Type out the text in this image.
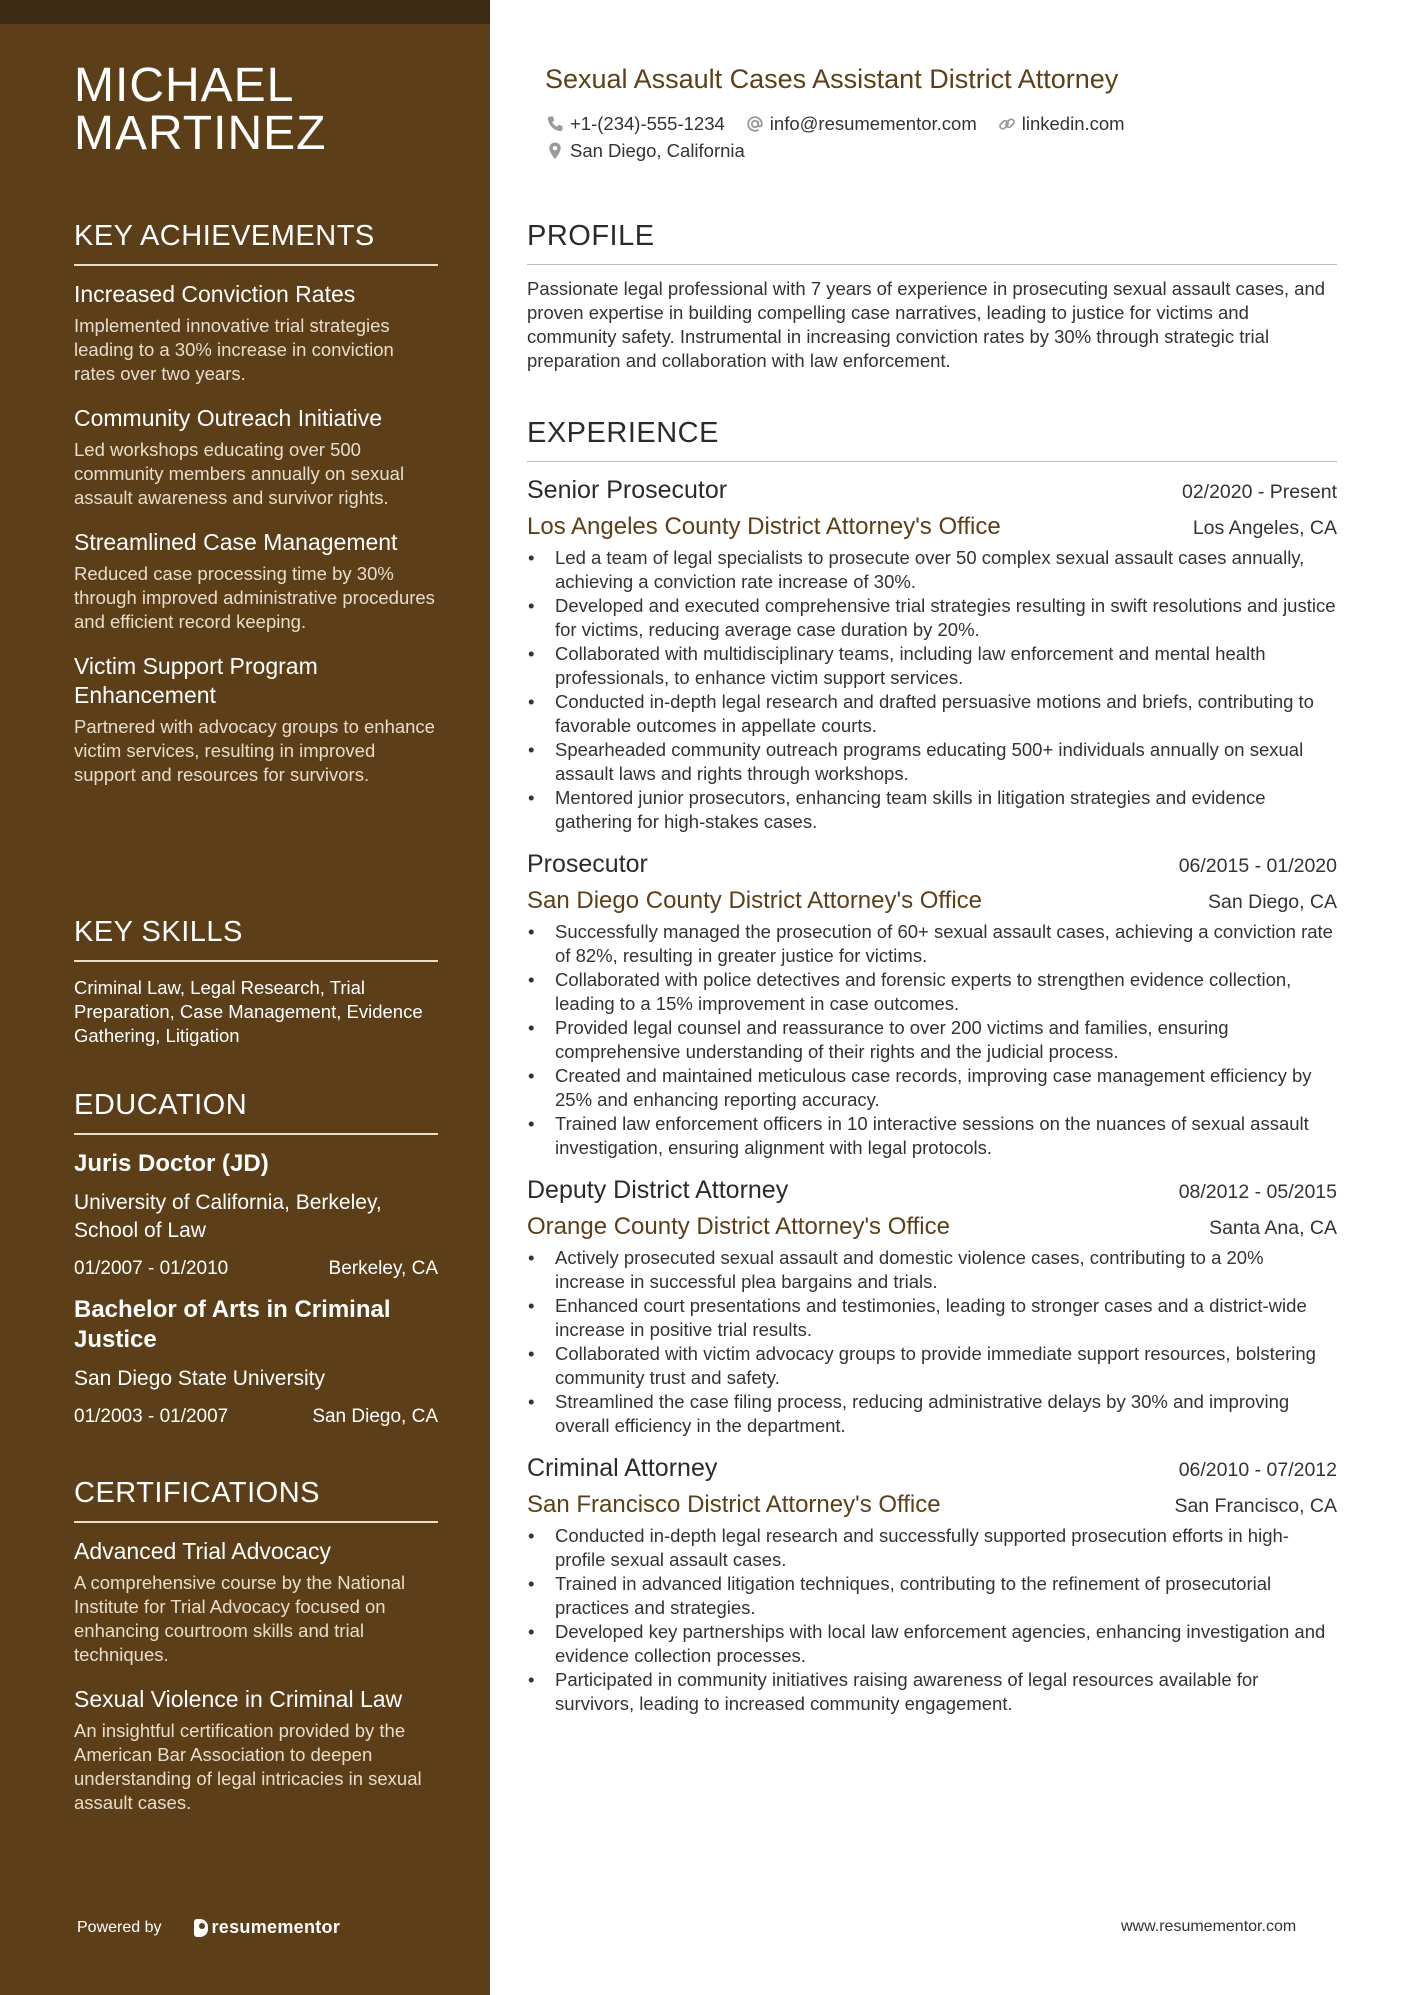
MICHAEL
MARTINEZ
KEY ACHIEVEMENTS
Increased Conviction Rates
Implemented innovative trial strategies leading to a 30% increase in conviction rates over two years.
Community Outreach Initiative
Led workshops educating over 500 community members annually on sexual assault awareness and survivor rights.
Streamlined Case Management
Reduced case processing time by 30% through improved administrative procedures and efficient record keeping.
Victim Support Program Enhancement
Partnered with advocacy groups to enhance victim services, resulting in improved support and resources for survivors.
KEY SKILLS
Criminal Law, Legal Research, Trial Preparation, Case Management, Evidence Gathering, Litigation
EDUCATION
Juris Doctor (JD)
University of California, Berkeley, School of Law
01/2007 - 01/2010	Berkeley, CA
Bachelor of Arts in Criminal Justice
San Diego State University
01/2003 - 01/2007	San Diego, CA
CERTIFICATIONS
Advanced Trial Advocacy
A comprehensive course by the National Institute for Trial Advocacy focused on enhancing courtroom skills and trial techniques.
Sexual Violence in Criminal Law
An insightful certification provided by the American Bar Association to deepen understanding of legal intricacies in sexual assault cases.
Powered by	resumementor
Sexual Assault Cases Assistant District Attorney
+1-(234)-555-1234 info@resumementor.com linkedin.com
San Diego, California
PROFILE
Passionate legal professional with 7 years of experience in prosecuting sexual assault cases, and proven expertise in building compelling case narratives, leading to justice for victims and community safety. Instrumental in increasing conviction rates by 30% through strategic trial preparation and collaboration with law enforcement.
EXPERIENCE
Senior Prosecutor	02/2020 - Present
Los Angeles County District Attorney's Office	Los Angeles, CA
• Led a team of legal specialists to prosecute over 50 complex sexual assault cases annually, achieving a conviction rate increase of 30%.
• Developed and executed comprehensive trial strategies resulting in swift resolutions and justice for victims, reducing average case duration by 20%.
• Collaborated with multidisciplinary teams, including law enforcement and mental health professionals, to enhance victim support services.
• Conducted in-depth legal research and drafted persuasive motions and briefs, contributing to favorable outcomes in appellate courts.
• Spearheaded community outreach programs educating 500+ individuals annually on sexual assault laws and rights through workshops.
• Mentored junior prosecutors, enhancing team skills in litigation strategies and evidence gathering for high-stakes cases.
Prosecutor	06/2015 - 01/2020
San Diego County District Attorney's Office	San Diego, CA
• Successfully managed the prosecution of 60+ sexual assault cases, achieving a conviction rate of 82%, resulting in greater justice for victims.
• Collaborated with police detectives and forensic experts to strengthen evidence collection, leading to a 15% improvement in case outcomes.
• Provided legal counsel and reassurance to over 200 victims and families, ensuring comprehensive understanding of their rights and the judicial process.
• Created and maintained meticulous case records, improving case management efficiency by 25% and enhancing reporting accuracy.
• Trained law enforcement officers in 10 interactive sessions on the nuances of sexual assault investigation, ensuring alignment with legal protocols.
Deputy District Attorney	08/2012 - 05/2015
Orange County District Attorney's Office	Santa Ana, CA
• Actively prosecuted sexual assault and domestic violence cases, contributing to a 20% increase in successful plea bargains and trials.
• Enhanced court presentations and testimonies, leading to stronger cases and a district-wide increase in positive trial results.
• Collaborated with victim advocacy groups to provide immediate support resources, bolstering community trust and safety.
• Streamlined the case filing process, reducing administrative delays by 30% and improving overall efficiency in the department.
Criminal Attorney	06/2010 - 07/2012
San Francisco District Attorney's Office	San Francisco, CA
• Conducted in-depth legal research and successfully supported prosecution efforts in high-profile sexual assault cases.
• Trained in advanced litigation techniques, contributing to the refinement of prosecutorial practices and strategies.
• Developed key partnerships with local law enforcement agencies, enhancing investigation and evidence collection processes.
• Participated in community initiatives raising awareness of legal resources available for survivors, leading to increased community engagement.
www.resumementor.com
